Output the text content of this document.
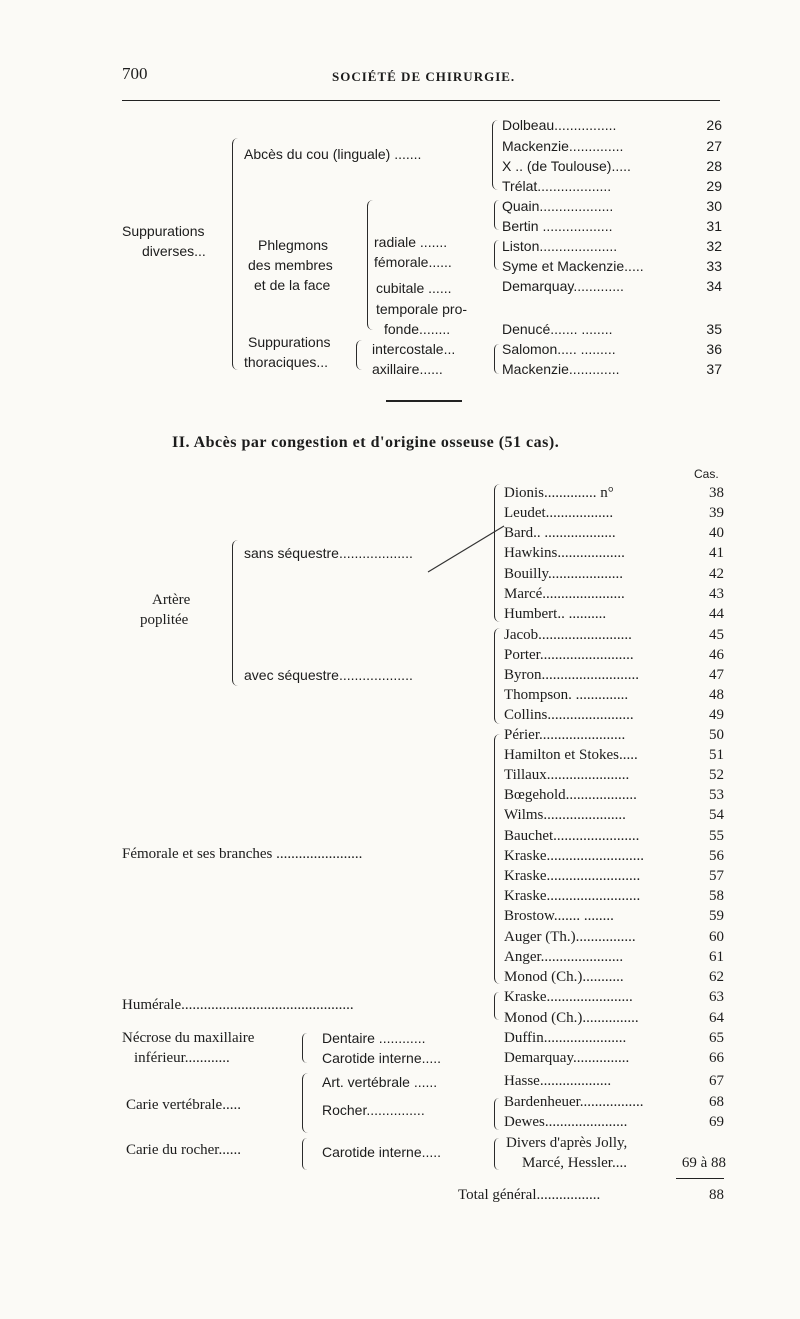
700	SOCIÉTÉ DE CHIRURGIE.
Suppurations
diverses...
Abcès du cou (linguale) .......
Phlegmons
des membres
et de la face
Suppurations
thoraciques...
radiale .......
fémorale......
cubitale ......
temporale pro-
fonde........
intercostale...
axillaire......
Dolbeau................	26
Mackenzie..............	27
X .. (de Toulouse).....	28
Trélat...................	29
Quain...................	30
Bertin ..................	31
Liston....................	32
Syme et Mackenzie.....	33
Demarquay.............	34
Denucé....... ........	35
Salomon..... .........	36
Mackenzie.............	37
II. Abcès par congestion et d'origine osseuse (51 cas).
Cas.
Artère
poplitée
sans séquestre...................
avec séquestre...................
Fémorale et ses branches .......................
Humérale..............................................
Nécrose du maxillaire
inférieur............
Dentaire ............
Carotide interne.....
Carie vertébrale.....
Art. vertébrale ......
Rocher...............
Carie du rocher......	Carotide interne.....
Dionis.............. n°	38
Leudet..................	39
Bard.. ...................	40
Hawkins..................	41
Bouilly....................	42
Marcé......................	43
Humbert.. ..........	44
Jacob.........................	45
Porter.........................	46
Byron..........................	47
Thompson. ..............	48
Collins.......................	49
Périer.......................	50
Hamilton et Stokes.....	51
Tillaux......................	52
Bœgehold...................	53
Wilms......................	54
Bauchet.......................	55
Kraske..........................	56
Kraske.........................	57
Kraske.........................	58
Brostow....... ........	59
Auger (Th.)................	60
Anger......................	61
Monod (Ch.)...........	62
Kraske.......................	63
Monod (Ch.)...............	64
Duffin......................	65
Demarquay...............	66
Hasse...................	67
Bardenheuer.................	68
Dewes......................	69
Divers d'après Jolly,
Marcé, Hessler....	69 à 88
Total général.................	88
